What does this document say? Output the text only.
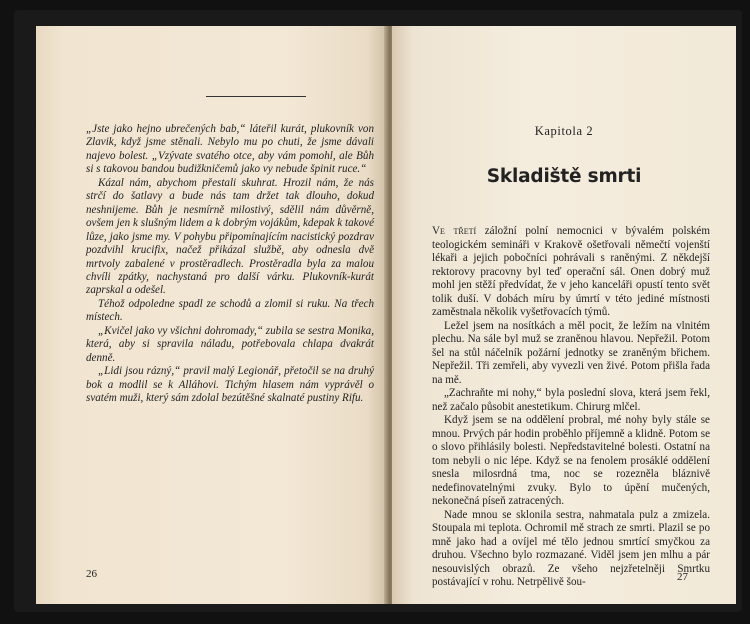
„Jste jako hejno ubrečených bab,“ láteřil kurát, plukovník von Zlavik, když jsme stěnali. Nebylo mu po chuti, že jsme dávali najevo bolest. „Vzývate svatého otce, aby vám pomohl, ale Bůh si s takovou bandou budižkničemů jako vy nebude špinit ruce.“

Kázal nám, abychom přestali skuhrat. Hrozil nám, že nás strčí do šatlavy a bude nás tam držet tak dlouho, dokud neshnijeme. Bůh je nesmírně milostivý, sdělil nám důvěrně, ovšem jen k slušným lidem a k dobrým vojákům, kdepak k takové lůze, jako jsme my. V pohybu připomínajícím nacistický pozdrav pozdvihl krucifix, načež přikázal službě, aby odnesla dvě mrtvoly zabalené v prostěradlech. Prostěradla byla za malou chvíli zpátky, nachystaná pro další várku. Plukovník-kurát zaprskal a odešel.

Téhož odpoledne spadl ze schodů a zlomil si ruku. Na třech místech.

„Kvičel jako vy všichni dohromady,“ zubila se sestra Monika, která, aby si spravila náladu, potřebovala chlapa dvakrát denně.

„Lidi jsou rázný,“ pravil malý Legionář, přetočil se na druhý bok a modlil se k Alláhovi. Tichým hlasem nám vyprávěl o svatém muži, který sám zdolal bezútěšné skalnaté pustiny Rifu.

26
Kapitola 2
Skladiště smrti

Ve třetí záložní polní nemocnici v bývalém polském teologickém semináři v Krakově ošetřovali němečtí vojenští lékaři a jejich pobočníci pohrávali s raněnými. Z někdejší rektorovy pracovny byl teď operační sál. Onen dobrý muž mohl jen stěží předvídat, že v jeho kanceláři opustí tento svět tolik duší. V dobách míru by úmrtí v této jediné místnosti zaměstnala několik vyšetřovacích týmů.

Ležel jsem na nosítkách a měl pocit, že ležím na vlnitém plechu. Na sále byl muž se zraněnou hlavou. Nepřežil. Potom šel na stůl náčelník požární jednotky se zraněným břichem. Nepřežil. Tři zemřeli, aby vyvezli ven živé. Potom přišla řada na mě.

„Zachraňte mi nohy,“ byla poslední slova, která jsem řekl, než začalo působit anestetikum. Chirurg mlčel.

Když jsem se na oddělení probral, mé nohy byly stále se mnou. Prvých pár hodin proběhlo příjemně a klidně. Potom se o slovo přihlásily bolesti. Nepředstavitelné bolesti. Ostatní na tom nebyli o nic lépe. Když se na fenolem prosáklé oddělení snesla milosrdná tma, noc se rozezněla bláznivě nedefinovatelnými zvuky. Bylo to úpění mučených, nekonečná píseň zatracených.

Nade mnou se sklonila sestra, nahmatala pulz a zmizela. Stoupala mi teplota. Ochromil mě strach ze smrti. Plazil se po mně jako had a ovíjel mé tělo jednou smrtící smyčkou za druhou. Všechno bylo rozmazané. Viděl jsem jen mlhu a pár nesouvislých obrazů. Ze všeho nejzřetelněji Smrtku postávající v rohu. Netrpělivě šou-	27
